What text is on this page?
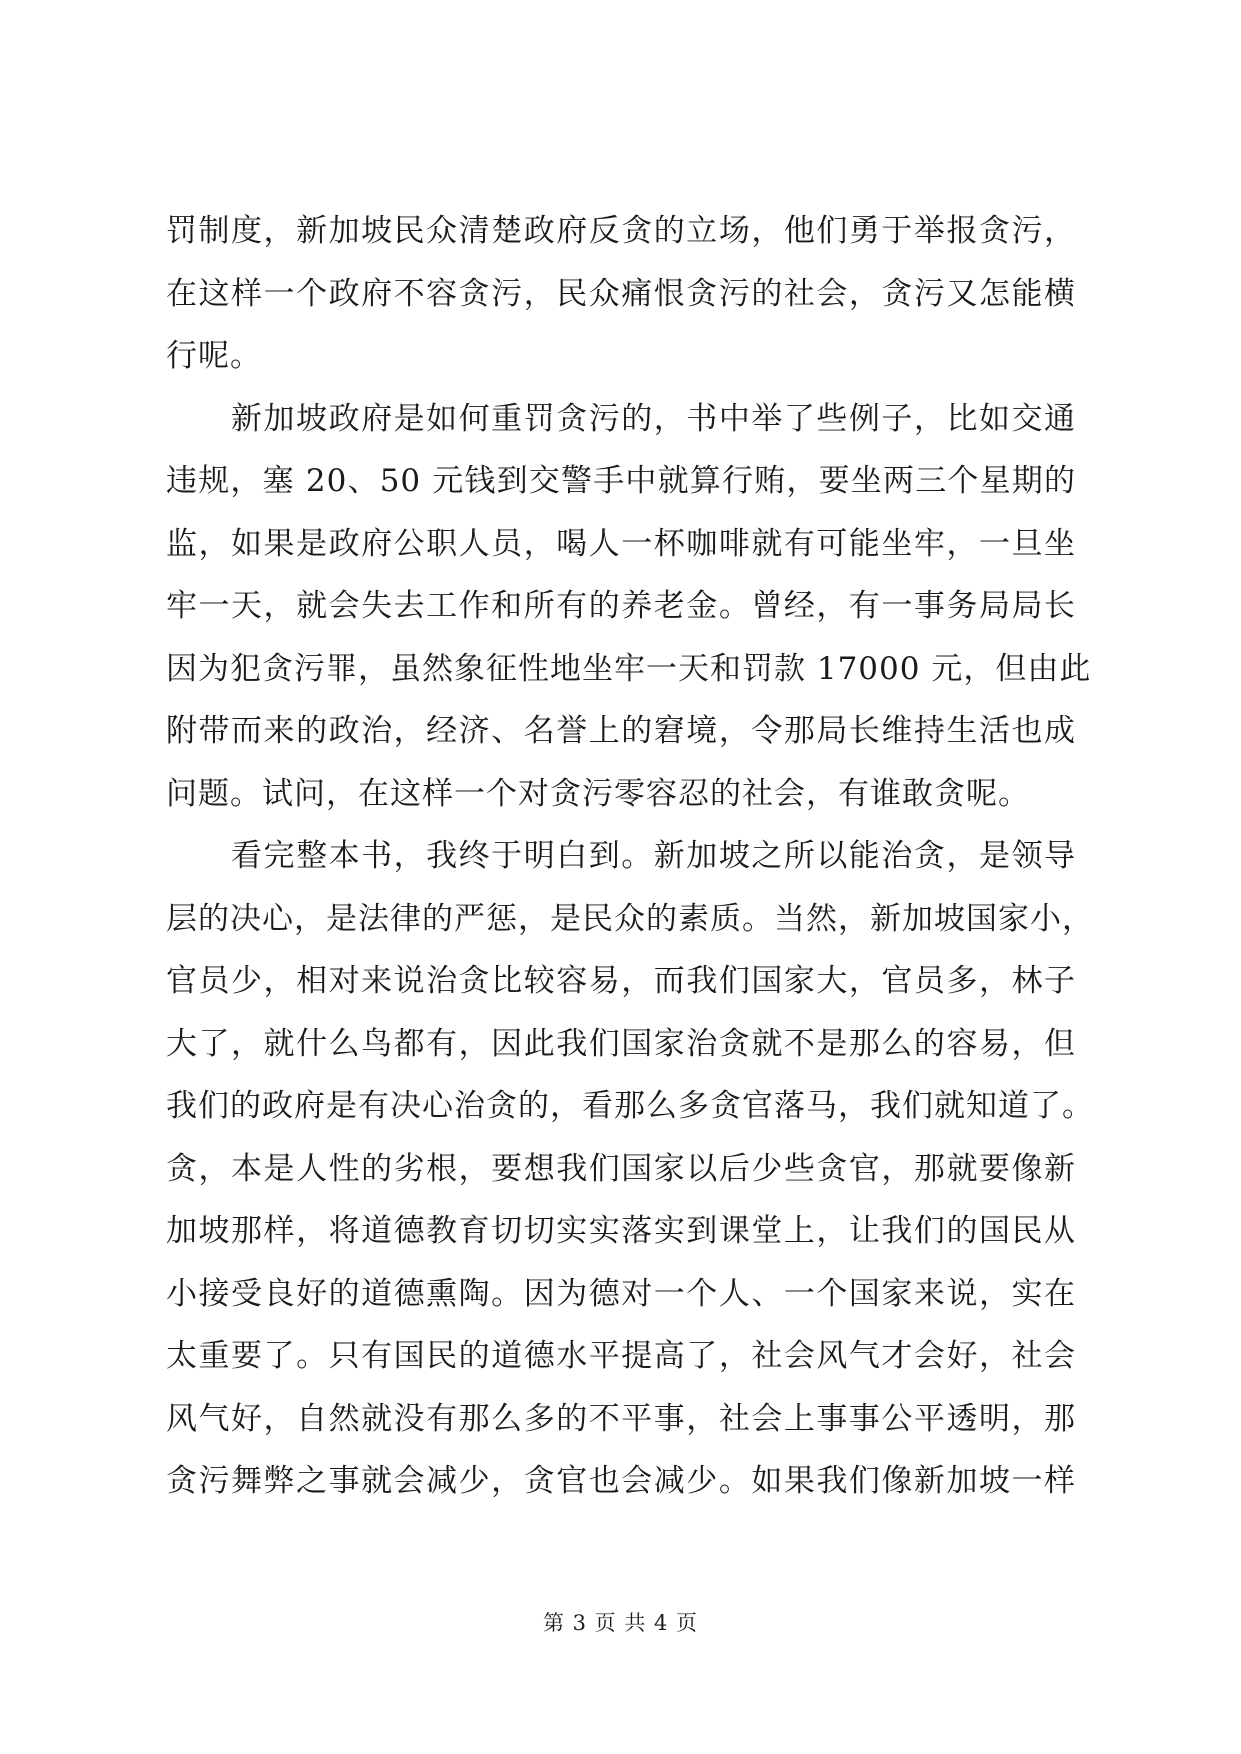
罚制度，新加坡民众清楚政府反贪的立场，他们勇于举报贪污，
在这样一个政府不容贪污，民众痛恨贪污的社会，贪污又怎能横
行呢。
　　新加坡政府是如何重罚贪污的，书中举了些例子，比如交通
违规，塞 20、50 元钱到交警手中就算行贿，要坐两三个星期的
监，如果是政府公职人员，喝人一杯咖啡就有可能坐牢，一旦坐
牢一天，就会失去工作和所有的养老金。曾经，有一事务局局长
因为犯贪污罪，虽然象征性地坐牢一天和罚款 17000 元，但由此
附带而来的政治，经济、名誉上的窘境，令那局长维持生活也成
问题。试问，在这样一个对贪污零容忍的社会，有谁敢贪呢。
　　看完整本书，我终于明白到。新加坡之所以能治贪，是领导
层的决心，是法律的严惩，是民众的素质。当然，新加坡国家小，
官员少，相对来说治贪比较容易，而我们国家大，官员多，林子
大了，就什么鸟都有，因此我们国家治贪就不是那么的容易，但
我们的政府是有决心治贪的，看那么多贪官落马，我们就知道了。
贪，本是人性的劣根，要想我们国家以后少些贪官，那就要像新
加坡那样，将道德教育切切实实落实到课堂上，让我们的国民从
小接受良好的道德熏陶。因为德对一个人、一个国家来说，实在
太重要了。只有国民的道德水平提高了，社会风气才会好，社会
风气好，自然就没有那么多的不平事，社会上事事公平透明，那
贪污舞弊之事就会减少，贪官也会减少。如果我们像新加坡一样
第 3 页 共 4 页
